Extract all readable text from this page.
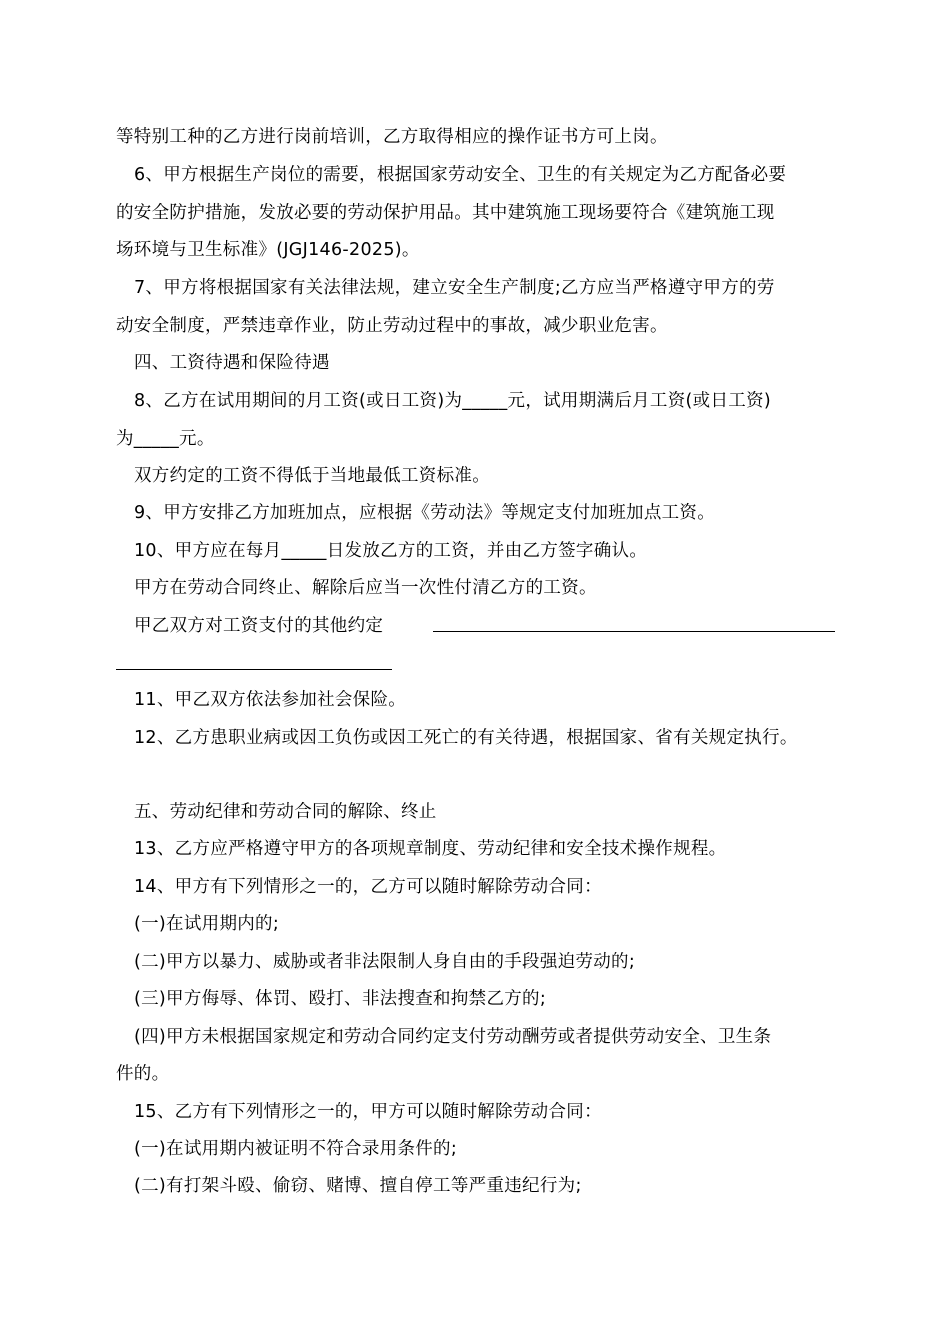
等特别工种的乙方进行岗前培训，乙方取得相应的操作证书方可上岗。
6、甲方根据生产岗位的需要，根据国家劳动安全、卫生的有关规定为乙方配备必要
的安全防护措施，发放必要的劳动保护用品。其中建筑施工现场要符合《建筑施工现
场环境与卫生标准》(JGJ146-2025)。
7、甲方将根据国家有关法律法规，建立安全生产制度;乙方应当严格遵守甲方的劳
动安全制度，严禁违章作业，防止劳动过程中的事故，减少职业危害。
四、工资待遇和保险待遇
8、乙方在试用期间的月工资(或日工资)为_____元，试用期满后月工资(或日工资)
为_____元。
双方约定的工资不得低于当地最低工资标准。
9、甲方安排乙方加班加点，应根据《劳动法》等规定支付加班加点工资。
10、甲方应在每月_____日发放乙方的工资，并由乙方签字确认。
甲方在劳动合同终止、解除后应当一次性付清乙方的工资。
甲乙双方对工资支付的其他约定
11、甲乙双方依法参加社会保险。
12、乙方患职业病或因工负伤或因工死亡的有关待遇，根据国家、省有关规定执行。
五、劳动纪律和劳动合同的解除、终止
13、乙方应严格遵守甲方的各项规章制度、劳动纪律和安全技术操作规程。
14、甲方有下列情形之一的，乙方可以随时解除劳动合同：
(一)在试用期内的;
(二)甲方以暴力、威胁或者非法限制人身自由的手段强迫劳动的;
(三)甲方侮辱、体罚、殴打、非法搜查和拘禁乙方的;
(四)甲方未根据国家规定和劳动合同约定支付劳动酬劳或者提供劳动安全、卫生条
件的。
15、乙方有下列情形之一的，甲方可以随时解除劳动合同：
(一)在试用期内被证明不符合录用条件的;
(二)有打架斗殴、偷窃、赌博、擅自停工等严重违纪行为;
